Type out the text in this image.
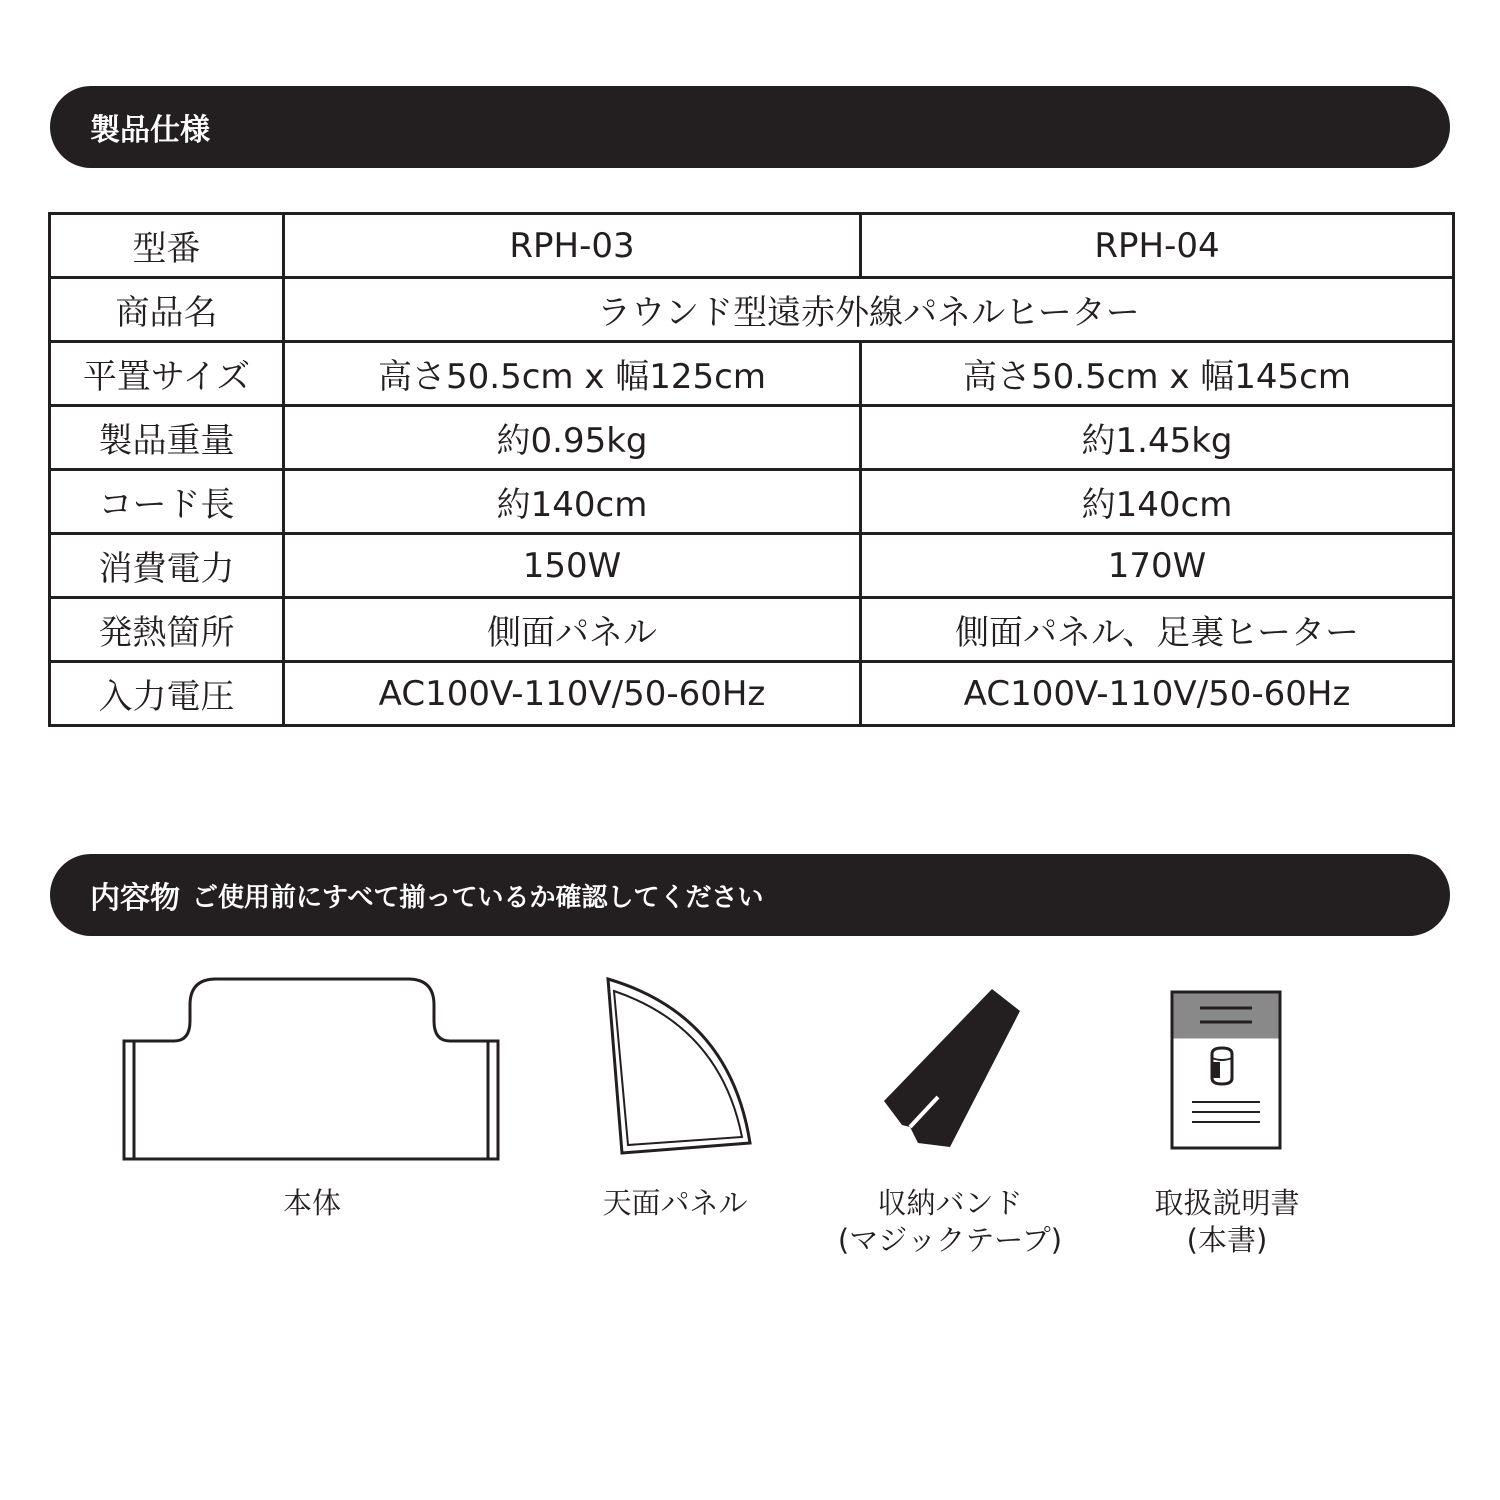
製品仕様
型番	RPH-03	RPH-04
商品名	ラウンド型遠赤外線パネルヒーター	
平置サイズ	高さ50.5cm x 幅125cm	高さ50.5cm x 幅145cm
製品重量	約0.95kg	約1.45kg
コード長	約140cm	約140cm
消費電力	150W	170W
発熱箇所	側面パネル	側面パネル、足裏ヒーター
入力電圧	AC100V-110V/50-60Hz	AC100V-110V/50-60Hz
内容物 ご使用前にすべて揃っているか確認してください
本体	天面パネル	収納バンド
(マジックテープ)
取扱説明書
(本書)
